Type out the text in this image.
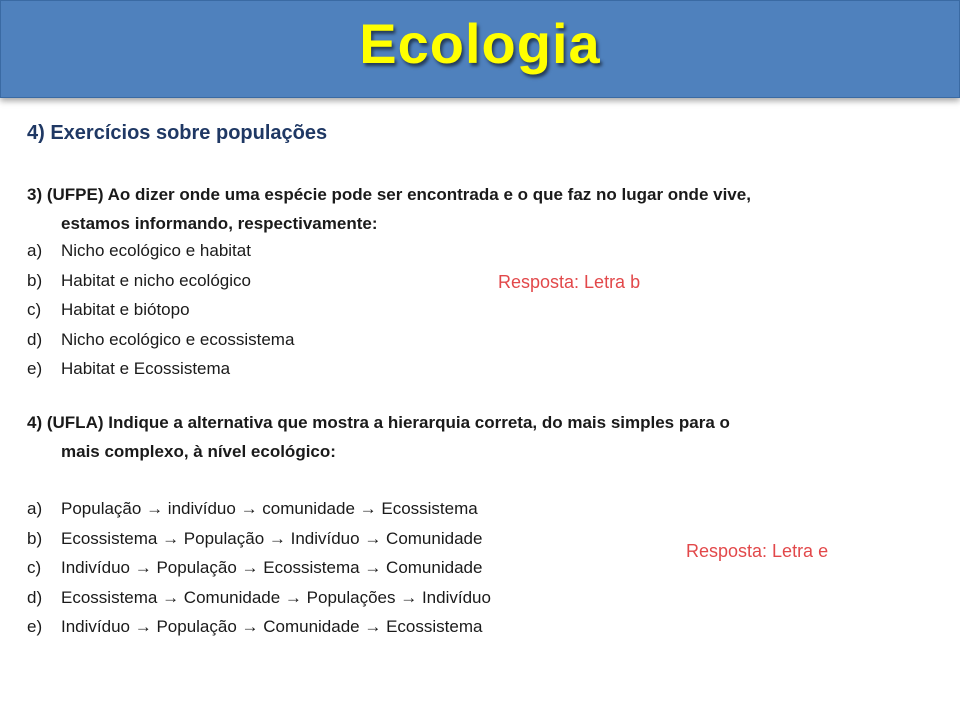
Ecologia
4) Exercícios sobre populações
3) (UFPE) Ao dizer onde uma espécie pode ser encontrada e o que faz no lugar onde vive,
estamos informando, respectivamente:
a)	Nicho ecológico e habitat
b)	Habitat e nicho ecológico
c)	Habitat e biótopo
d)	Nicho ecológico e ecossistema
e)	Habitat e Ecossistema
Resposta: Letra b
4) (UFLA) Indique a alternativa que mostra a hierarquia correta, do mais simples para o
mais complexo, à nível ecológico:
a)	População → indivíduo → comunidade → Ecossistema
b)	Ecossistema → População → Indivíduo → Comunidade
c)	Indivíduo → População → Ecossistema → Comunidade
d)	Ecossistema → Comunidade → Populações → Indivíduo
e)	Indivíduo → População → Comunidade → Ecossistema
Resposta: Letra e
